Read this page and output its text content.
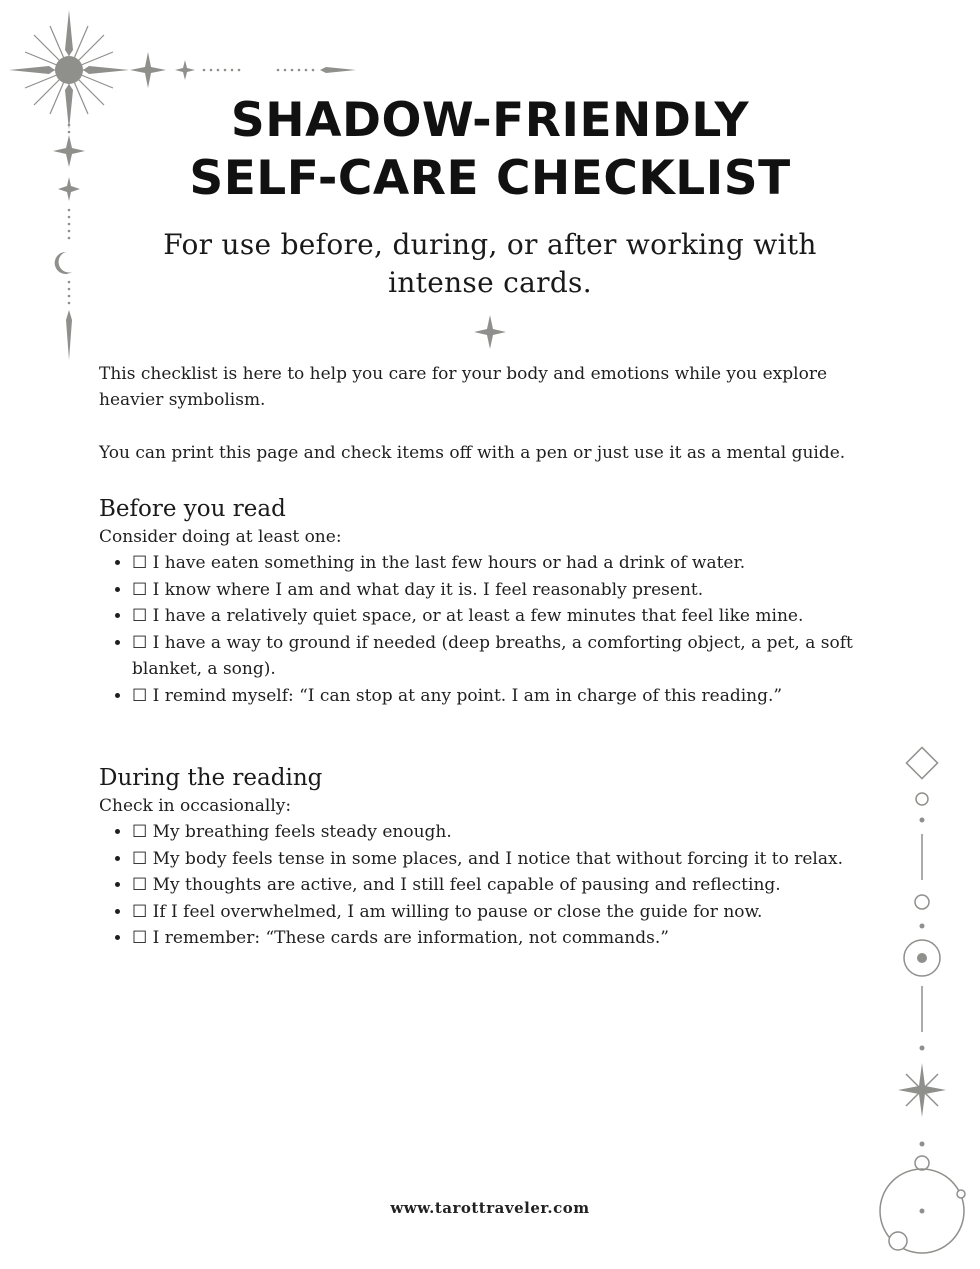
SHADOW-FRIENDLY
SELF-CARE CHECKLIST
For use before, during, or after working with
intense cards.

This checklist is here to help you care for your body and emotions while you explore heavier symbolism.

You can print this page and check items off with a pen or just use it as a mental guide.

Before you read
Consider doing at least one:
• ☐ I have eaten something in the last few hours or had a drink of water.
• ☐ I know where I am and what day it is. I feel reasonably present.
• ☐ I have a relatively quiet space, or at least a few minutes that feel like mine.
• ☐ I have a way to ground if needed (deep breaths, a comforting object, a pet, a soft blanket, a song).
• ☐ I remind myself: “I can stop at any point. I am in charge of this reading.”
During the reading
Check in occasionally:
• ☐ My breathing feels steady enough.
• ☐ My body feels tense in some places, and I notice that without forcing it to relax.
• ☐ My thoughts are active, and I still feel capable of pausing and reflecting.
• ☐ If I feel overwhelmed, I am willing to pause or close the guide for now.
• ☐ I remember: “These cards are information, not commands.”
www.tarottraveler.com
